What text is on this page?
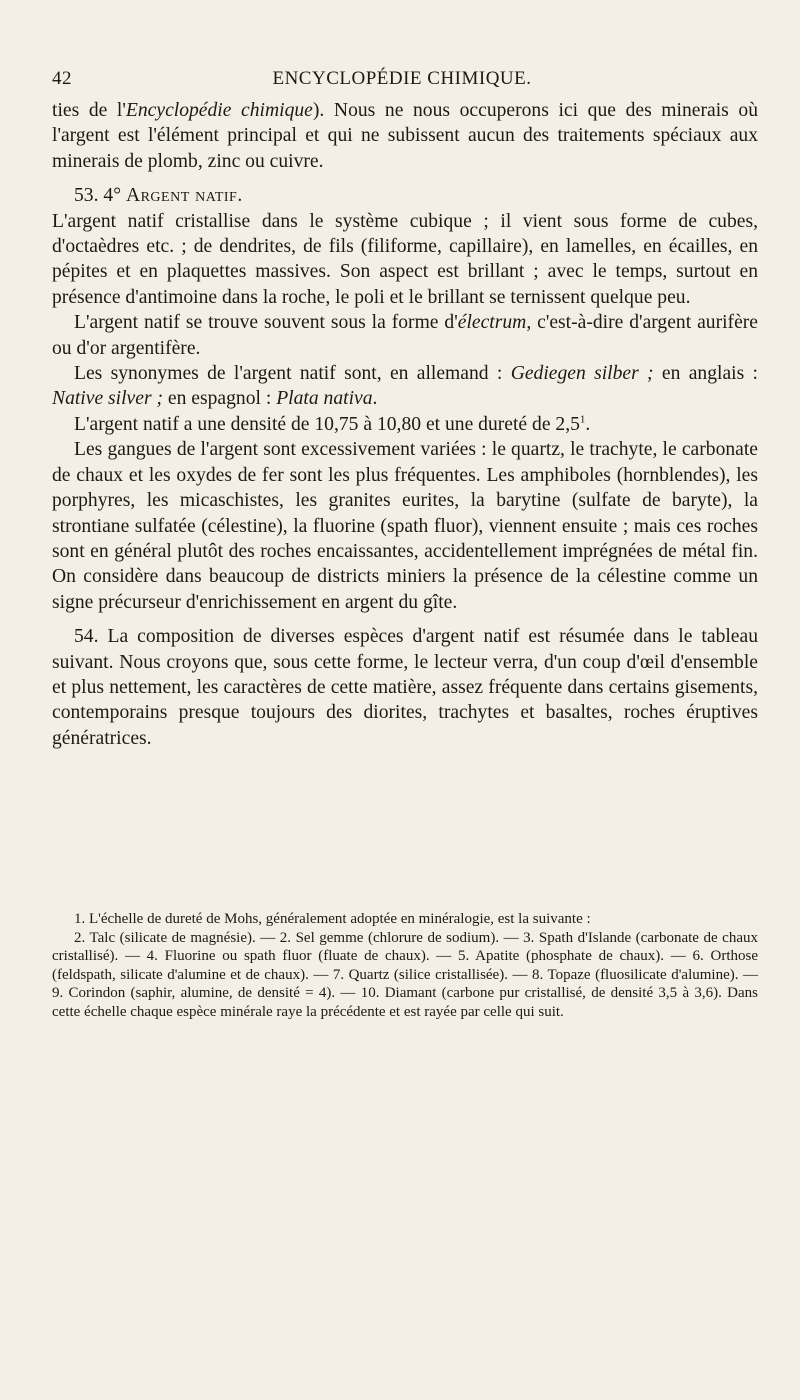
42	ENCYCLOPÉDIE CHIMIQUE.

ties de l'Encyclopédie chimique). Nous ne nous occuperons ici que des minerais où l'argent est l'élément principal et qui ne subissent aucun des traitements spéciaux aux minerais de plomb, zinc ou cuivre.

53. 4° Argent natif.

L'argent natif cristallise dans le système cubique ; il vient sous forme de cubes, d'octaèdres etc. ; de dendrites, de fils (filiforme, capillaire), en lamelles, en écailles, en pépites et en plaquettes massives. Son aspect est brillant ; avec le temps, surtout en présence d'antimoine dans la roche, le poli et le brillant se ternissent quelque peu.

L'argent natif se trouve souvent sous la forme d'électrum, c'est-à-dire d'argent aurifère ou d'or argentifère.

Les synonymes de l'argent natif sont, en allemand : Gediegen silber ; en anglais : Native silver ; en espagnol : Plata nativa.

L'argent natif a une densité de 10,75 à 10,80 et une dureté de $2,5^1$.

Les gangues de l'argent sont excessivement variées : le quartz, le trachyte, le carbonate de chaux et les oxydes de fer sont les plus fréquentes. Les amphiboles (hornblendes), les porphyres, les micaschistes, les granites eurites, la barytine (sulfate de baryte), la strontiane sulfatée (célestine), la fluorine (spath fluor), viennent ensuite ; mais ces roches sont en général plutôt des roches encaissantes, accidentellement imprégnées de métal fin. On considère dans beaucoup de districts miniers la présence de la célestine comme un signe précurseur d'enrichissement en argent du gîte.

54. La composition de diverses espèces d'argent natif est résumée dans le tableau suivant. Nous croyons que, sous cette forme, le lecteur verra, d'un coup d'œil d'ensemble et plus nettement, les caractères de cette matière, assez fréquente dans certains gisements, contemporains presque toujours des diorites, trachytes et basaltes, roches éruptives génératrices.

1. L'échelle de dureté de Mohs, généralement adoptée en minéralogie, est la suivante :

2. Talc (silicate de magnésie). — 2. Sel gemme (chlorure de sodium). — 3. Spath d'Islande (carbonate de chaux cristallisé). — 4. Fluorine ou spath fluor (fluate de chaux). — 5. Apatite (phosphate de chaux). — 6. Orthose (feldspath, silicate d'alumine et de chaux). — 7. Quartz (silice cristallisée). — 8. Topaze (fluosilicate d'alumine). — 9. Corindon (saphir, alumine, de densité = 4). — 10. Diamant (carbone pur cristallisé, de densité 3,5 à 3,6). Dans cette échelle chaque espèce minérale raye la précédente et est rayée par celle qui suit.
